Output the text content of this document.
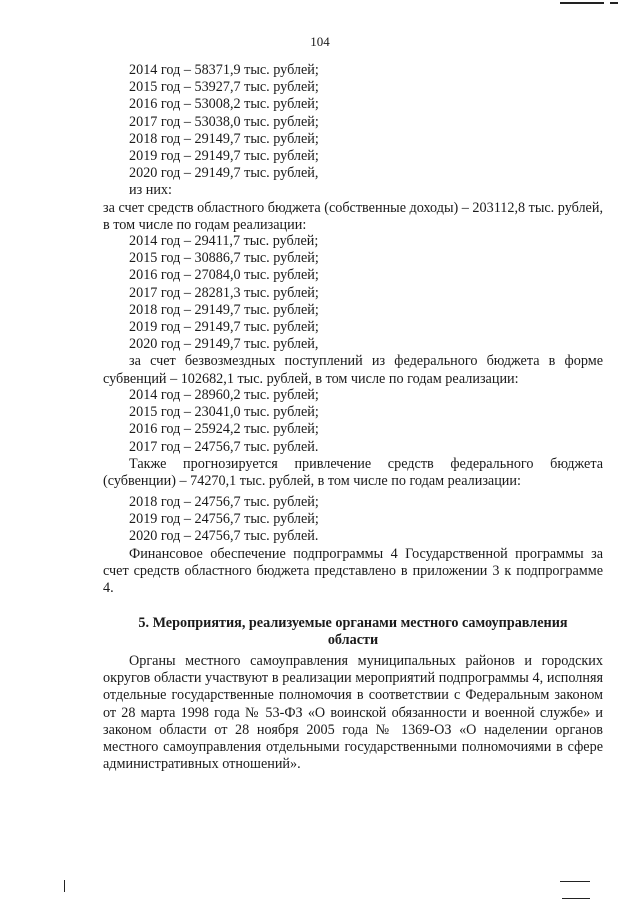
104
2014 год – 58371,9 тыс. рублей;
2015 год – 53927,7 тыс. рублей;
2016 год – 53008,2 тыс. рублей;
2017 год – 53038,0 тыс. рублей;
2018 год – 29149,7 тыс. рублей;
2019 год – 29149,7 тыс. рублей;
2020 год – 29149,7 тыс. рублей,
из них:
за счет средств областного бюджета (собственные доходы) – 203112,8 тыс. рублей, в том числе по годам реализации:
2014 год – 29411,7 тыс. рублей;
2015 год – 30886,7 тыс. рублей;
2016 год – 27084,0 тыс. рублей;
2017 год – 28281,3 тыс. рублей;
2018 год – 29149,7 тыс. рублей;
2019 год – 29149,7 тыс. рублей;
2020 год – 29149,7 тыс. рублей,
за счет безвозмездных поступлений из федерального бюджета в форме субвенций – 102682,1 тыс. рублей, в том числе по годам реализации:
2014 год – 28960,2 тыс. рублей;
2015 год – 23041,0 тыс. рублей;
2016 год – 25924,2 тыс. рублей;
2017 год – 24756,7 тыс. рублей.
Также прогнозируется привлечение средств федерального бюджета (субвенции) – 74270,1 тыс. рублей, в том числе по годам реализации:
2018 год – 24756,7 тыс. рублей;
2019 год – 24756,7 тыс. рублей;
2020 год – 24756,7 тыс. рублей.
Финансовое обеспечение подпрограммы 4 Государственной программы за счет средств областного бюджета представлено в приложении 3 к подпрограмме 4.
5. Мероприятия, реализуемые органами местного самоуправления области
Органы местного самоуправления муниципальных районов и городских округов области участвуют в реализации мероприятий подпрограммы 4, исполняя отдельные государственные полномочия в соответствии с Федеральным законом от 28 марта 1998 года № 53-ФЗ «О воинской обязанности и военной службе» и законом области от 28 ноября 2005 года № 1369-ОЗ «О наделении органов местного самоуправления отдельными государственными полномочиями в сфере административных отношений».
